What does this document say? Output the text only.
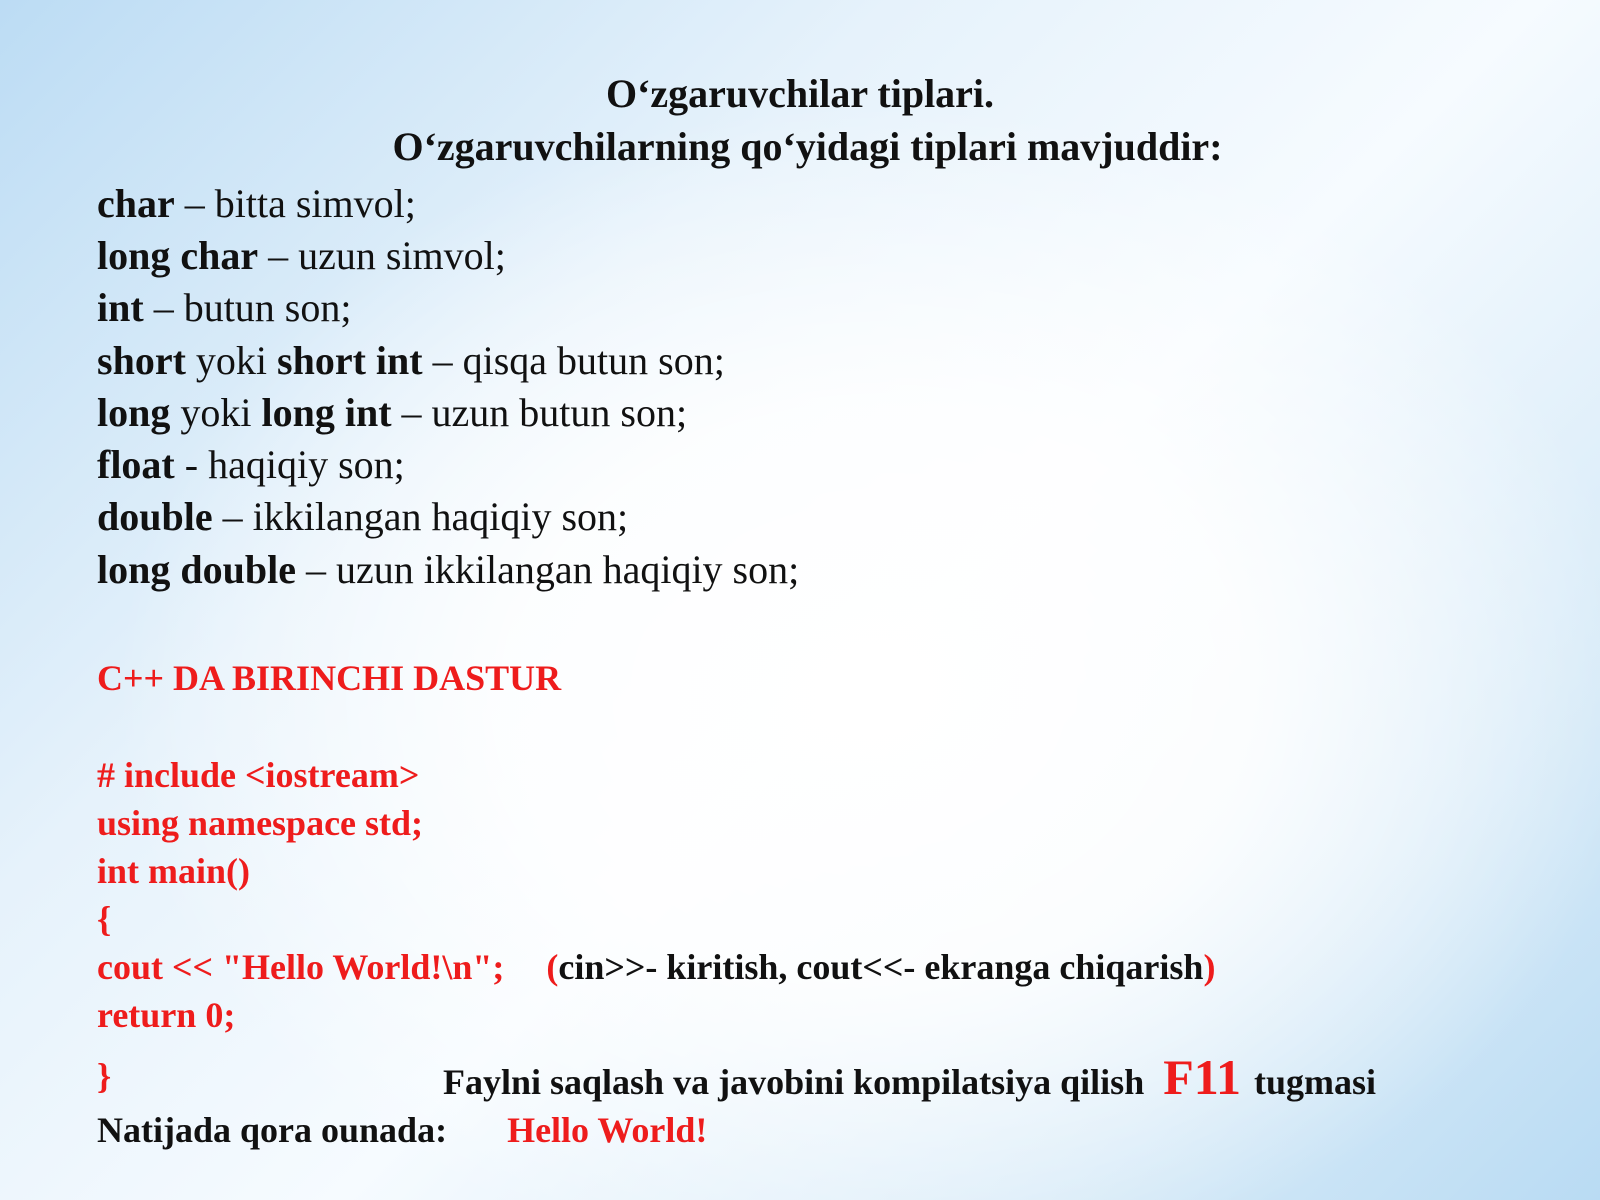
O‘zgaruvchilar tiplari.
O‘zgaruvchilarning qo‘yidagi tiplari mavjuddir:
char – bitta simvol;
long char – uzun simvol;
int – butun son;
short yoki short int – qisqa butun son;
long yoki long int – uzun butun son;
float - haqiqiy son;
double – ikkilangan haqiqiy son;
long double – uzun ikkilangan haqiqiy son;
C++ DA BIRINCHI DASTUR
# include <iostream>
using namespace std;
int main()
{
cout << "Hello World!\n"; (cin>>- kiritish, cout<<- ekranga chiqarish)
return 0;
}	Faylni saqlash va javobini kompilatsiya qilish F11 tugmasi
Natijada qora ounada: Hello World!
